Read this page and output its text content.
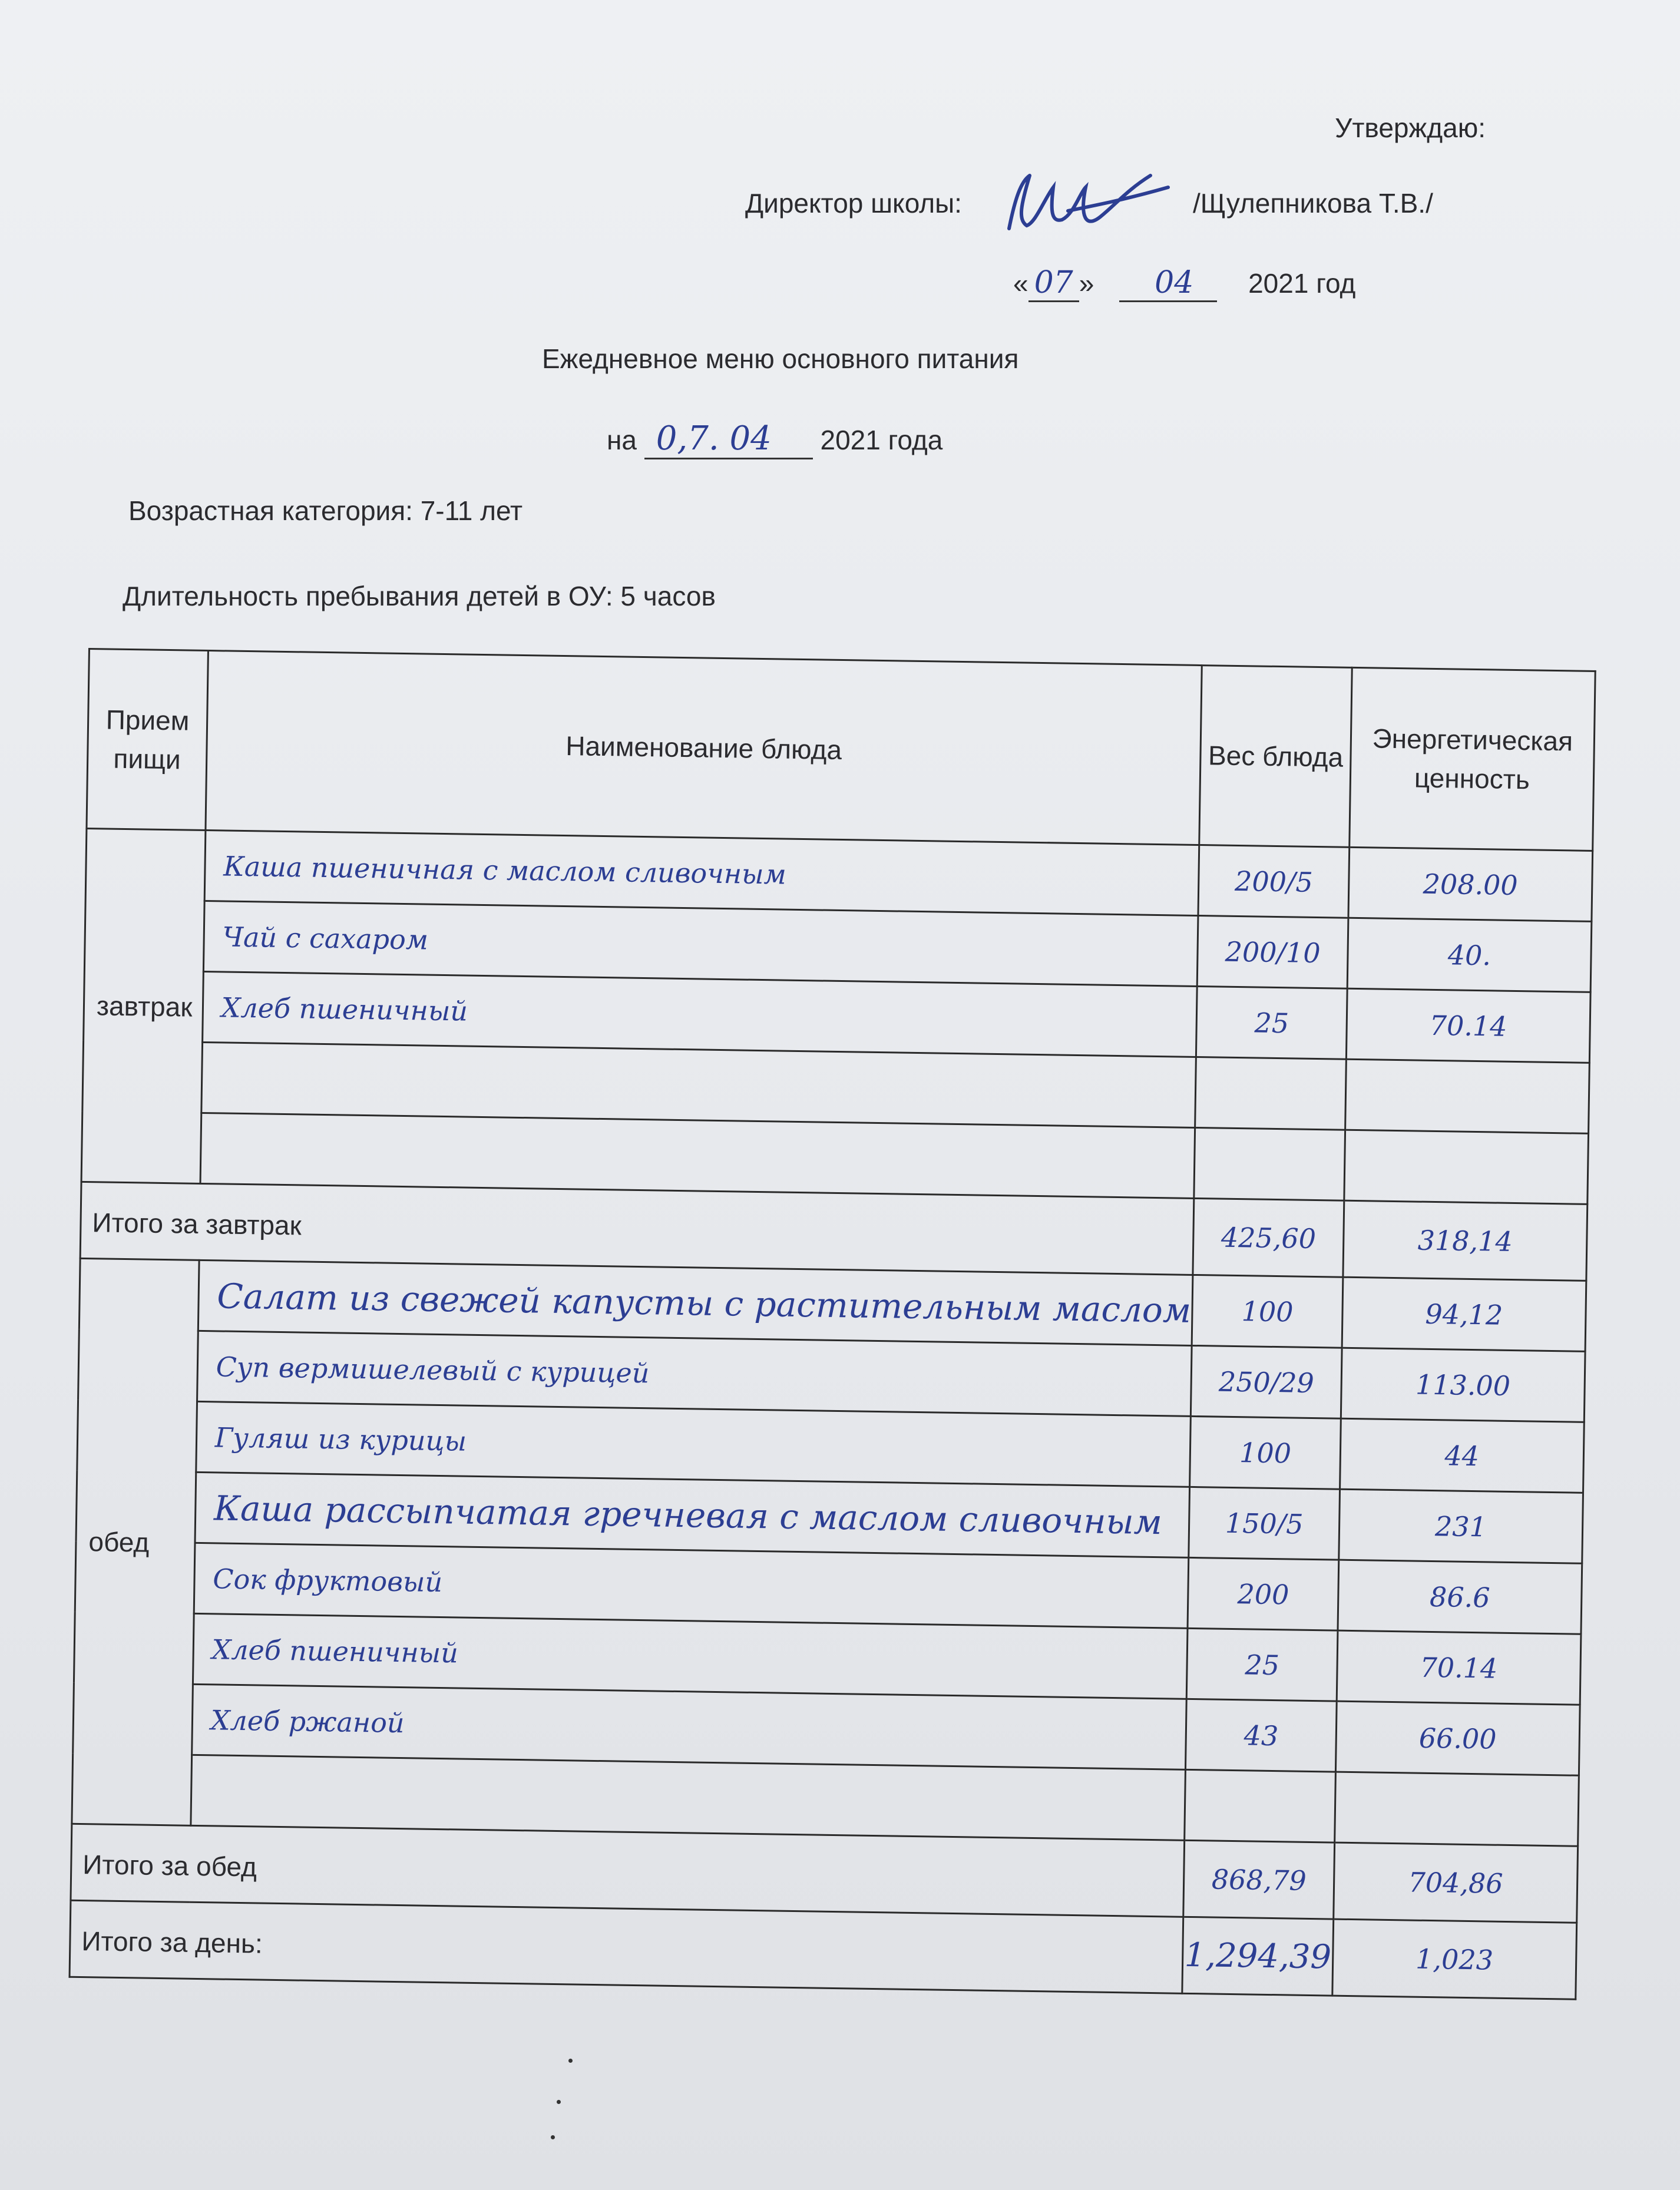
Утверждаю:
Директор школы:	/Щулепникова Т.В./
« 07 » 04 2021 год
Ежедневное меню основного питания
на 0,7. 04 2021 года
Возрастная категория: 7-11 лет
Длительность пребывания детей в ОУ: 5 часов
Прием пищи	Наименование блюда	Вес блюда	Энергетическая ценность
завтрак	Каша пшеничная с маслом сливочным	200/5	208.00
	Чай с сахаром	200/10	40.
	Хлеб пшеничный	25	70.14

Итого за завтрак		425,60	318,14
обед	Салат из свежей капусты с растительным маслом	100	94,12
	Суп вермишелевый с курицей	250/29	113.00
	Гуляш из курицы	100	44
	Каша рассыпчатая гречневая с маслом сливочным	150/5	231
	Сок фруктовый	200	86.6
	Хлеб пшеничный	25	70.14
	Хлеб ржаной	43	66.00

Итого за обед		868,79	704,86
Итого за день:		1,294,39	1,023
